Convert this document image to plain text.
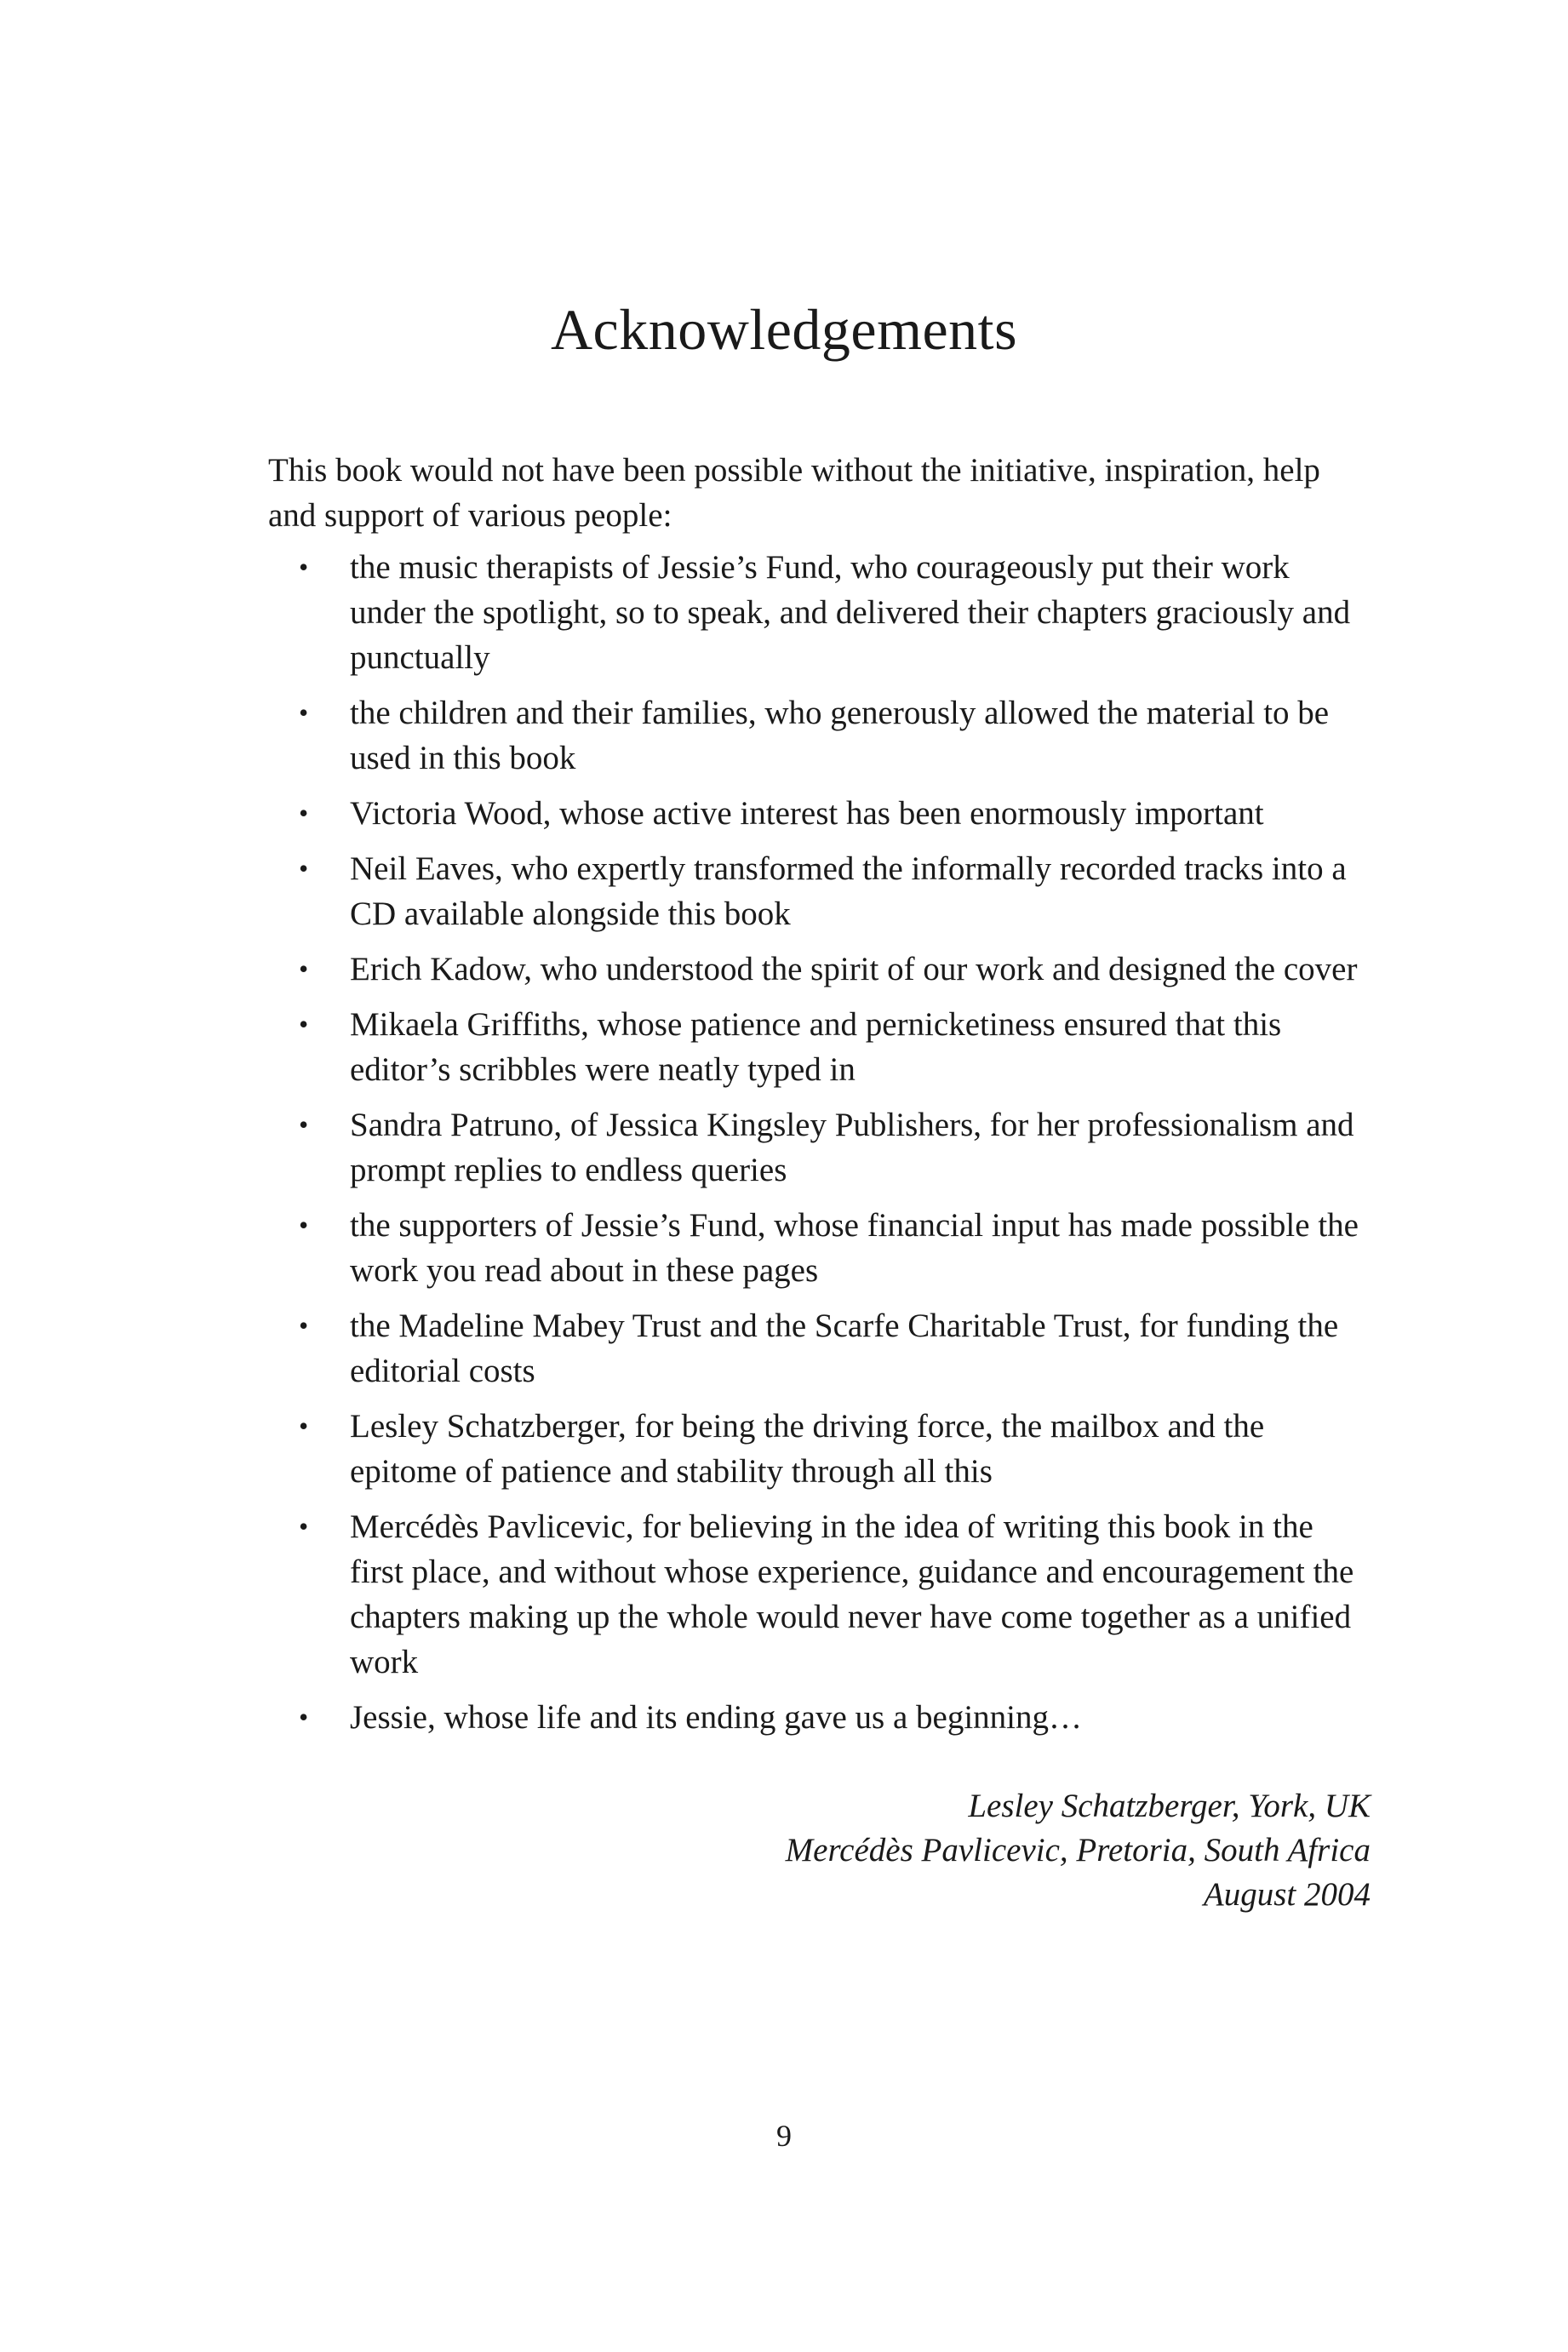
Acknowledgements

This book would not have been possible without the initiative, inspiration, help and support of various people:

• the music therapists of Jessie’s Fund, who courageously put their work under the spotlight, so to speak, and delivered their chapters graciously and punctually
• the children and their families, who generously allowed the material to be used in this book
• Victoria Wood, whose active interest has been enormously important
• Neil Eaves, who expertly transformed the informally recorded tracks into a CD available alongside this book
• Erich Kadow, who understood the spirit of our work and designed the cover
• Mikaela Griffiths, whose patience and pernicketiness ensured that this editor’s scribbles were neatly typed in
• Sandra Patruno, of Jessica Kingsley Publishers, for her professionalism and prompt replies to endless queries
• the supporters of Jessie’s Fund, whose financial input has made possible the work you read about in these pages
• the Madeline Mabey Trust and the Scarfe Charitable Trust, for funding the editorial costs
• Lesley Schatzberger, for being the driving force, the mailbox and the epitome of patience and stability through all this
• Mercédès Pavlicevic, for believing in the idea of writing this book in the first place, and without whose experience, guidance and encouragement the chapters making up the whole would never have come together as a unified work
• Jessie, whose life and its ending gave us a beginning…
Lesley Schatzberger, York, UK
Mercédès Pavlicevic, Pretoria, South Africa
August 2004
9
